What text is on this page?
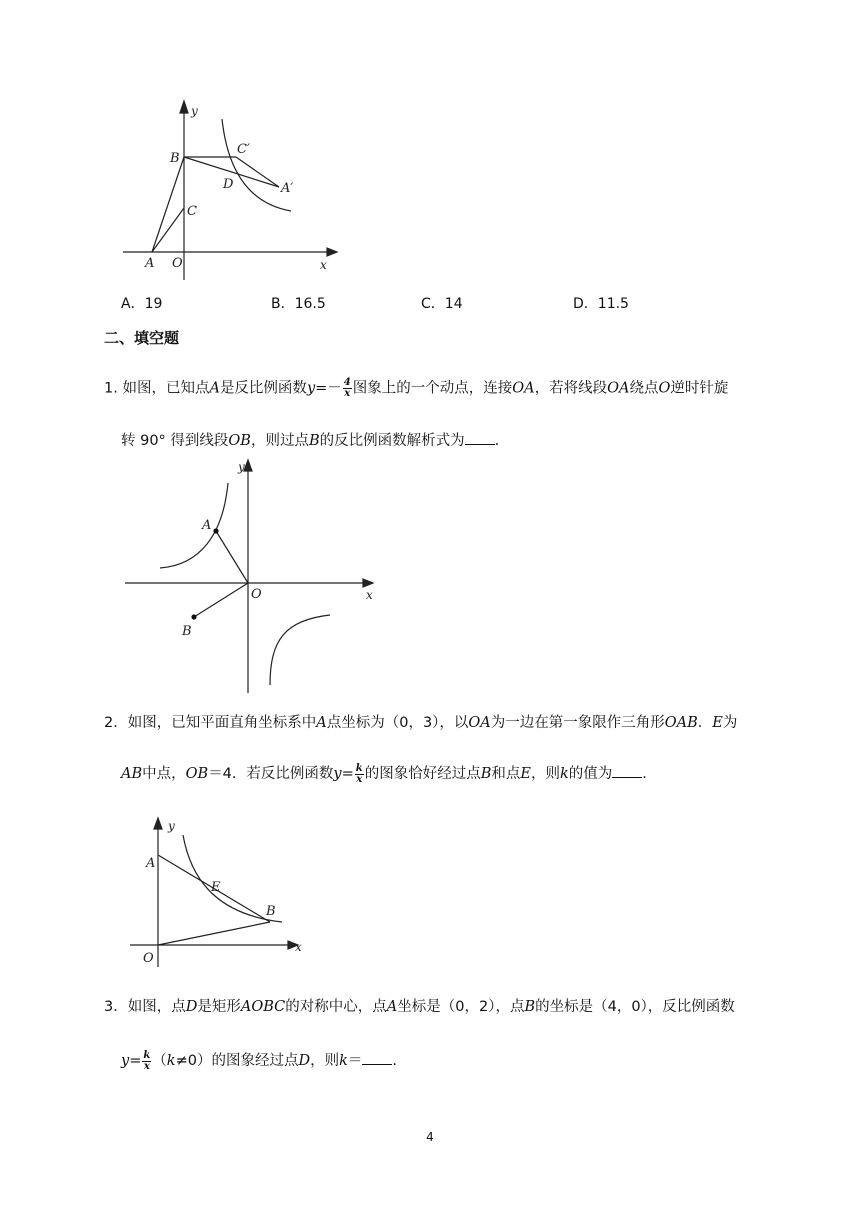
y
x
B
C′
D	A′
C
A O
A．19	B．16.5	C．14	D．11.5
二、填空题
1. 如图，已知点A是反比例函数$y=- \frac{4}{x}$ 图象上的一个动点，连接OA，若将线段OA绕点O逆时针旋
转 90° 得到线段OB，则过点B的反比例函数解析式为 .
y
x
A
O
B
2．如图，已知平面直角坐标系中A点坐标为（0，3），以OA为一边在第一象限作三角形OAB．E为
AB中点，OB＝4．若反比例函数$y= \frac{k}{x}$ 的图象恰好经过点B和点E，则k的值为 .
y
x
A
E
B
O
3．如图，点D是矩形AOBC的对称中心，点A坐标是（0，2），点B的坐标是（4，0），反比例函数
$y= \frac{k}{x} (k\ne 0)$的图象经过点D，则k＝ .
4
